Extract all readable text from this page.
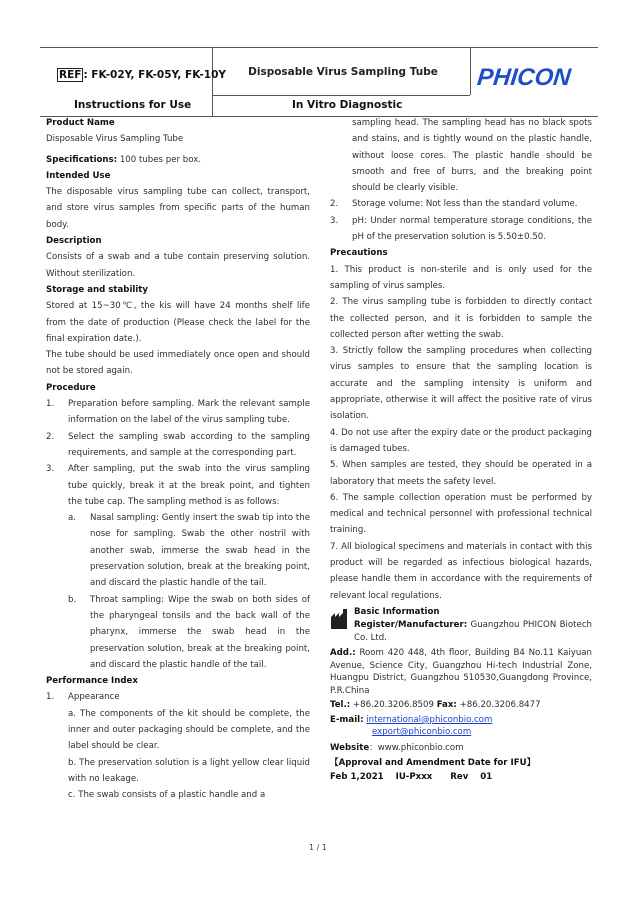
REF : FK-02Y, FK-05Y, FK-10Y	Disposable Virus Sampling Tube	PHICON
Instructions for Use	In Vitro Diagnostic
Product Name
Disposable Virus Sampling Tube
Specifications: 100 tubes per box.
Intended Use
The disposable virus sampling tube can collect, transport, and store virus samples from specific parts of the human body.
Description
Consists of a swab and a tube contain preserving solution. Without sterilization.
Storage and stability
Stored at 15~30℃, the kis will have 24 months shelf life from the date of production (Please check the label for the final expiration date.).
The tube should be used immediately once open and should not be stored again.
Procedure
1.	Preparation before sampling. Mark the relevant sample information on the label of the virus sampling tube.
2.	Select the sampling swab according to the sampling requirements, and sample at the corresponding part.
3.	After sampling, put the swab into the virus sampling tube quickly, break it at the break point, and tighten the tube cap. The sampling method is as follows:
a.	Nasal sampling: Gently insert the swab tip into the nose for sampling. Swab the other nostril with another swab, immerse the swab head in the preservation solution, break at the breaking point, and discard the plastic handle of the tail.
b.	Throat sampling: Wipe the swab on both sides of the pharyngeal tonsils and the back wall of the pharynx, immerse the swab head in the preservation solution, break at the breaking point, and discard the plastic handle of the tail.
Performance Index
1.	Appearance
a. The components of the kit should be complete, the inner and outer packaging should be complete, and the label should be clear.
b. The preservation solution is a light yellow clear liquid with no leakage.
c. The swab consists of a plastic handle and a
sampling head. The sampling head has no black spots and stains, and is tightly wound on the plastic handle, without loose cores. The plastic handle should be smooth and free of burrs, and the breaking point should be clearly visible.
2.	Storage volume: Not less than the standard volume.
3.	pH: Under normal temperature storage conditions, the pH of the preservation solution is 5.50±0.50.
Precautions
1. This product is non-sterile and is only used for the sampling of virus samples.
2. The virus sampling tube is forbidden to directly contact the collected person, and it is forbidden to sample the collected person after wetting the swab.
3. Strictly follow the sampling procedures when collecting virus samples to ensure that the sampling location is accurate and the sampling intensity is uniform and appropriate, otherwise it will affect the positive rate of virus isolation.
4. Do not use after the expiry date or the product packaging is damaged tubes.
5. When samples are tested, they should be operated in a laboratory that meets the safety level.
6. The sample collection operation must be performed by medical and technical personnel with professional technical training.
7. All biological specimens and materials in contact with this product will be regarded as infectious biological hazards, please handle them in accordance with the requirements of relevant local regulations.
Basic Information
Register/Manufacturer: Guangzhou PHICON Biotech Co. Ltd.
Add.: Room 420 448, 4th floor, Building B4 No.11 Kaiyuan Avenue, Science City, Guangzhou Hi-tech Industrial Zone, Huangpu District, Guangzhou 510530,Guangdong Province, P.R.China
Tel.: +86.20.3206.8509 Fax: +86.20.3206.8477
E-mail: international@phiconbio.com
export@phiconbio.com
Website：www.phiconbio.com
【Approval and Amendment Date for IFU】
Feb 1,2021    IU-Pxxx      Rev    01
1 / 1
